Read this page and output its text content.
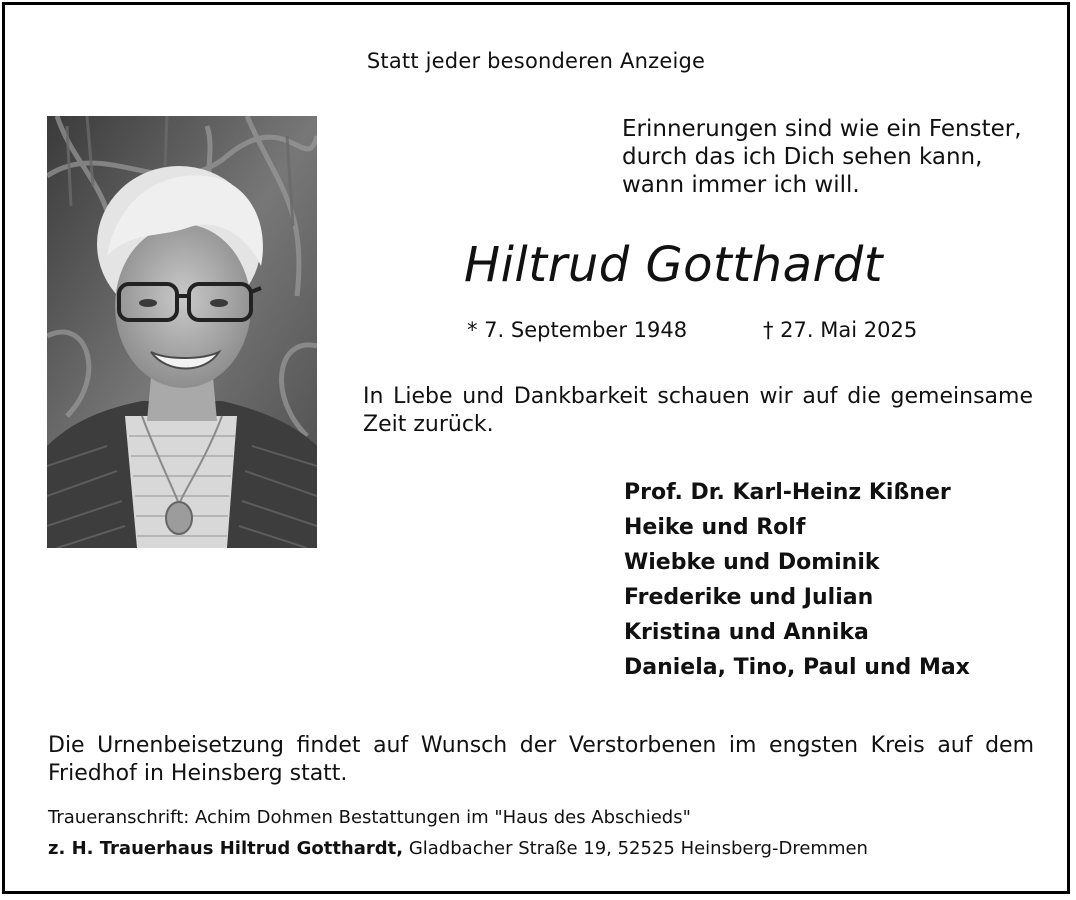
Statt jeder besonderen Anzeige
Erinnerungen sind wie ein Fenster,
durch das ich Dich sehen kann,
wann immer ich will.
Hiltrud Gotthardt
* 7. September 1948	† 27. Mai 2025
In Liebe und Dankbarkeit schauen wir auf die gemeinsame Zeit zurück.
Prof. Dr. Karl-Heinz Kißner
Heike und Rolf
Wiebke und Dominik
Frederike und Julian
Kristina und Annika
Daniela, Tino, Paul und Max
Die Urnenbeisetzung findet auf Wunsch der Verstorbenen im engsten Kreis auf dem Friedhof in Heinsberg statt.
Traueranschrift: Achim Dohmen Bestattungen im "Haus des Abschieds"
z. H. Trauerhaus Hiltrud Gotthardt, Gladbacher Straße 19, 52525 Heinsberg-Dremmen
